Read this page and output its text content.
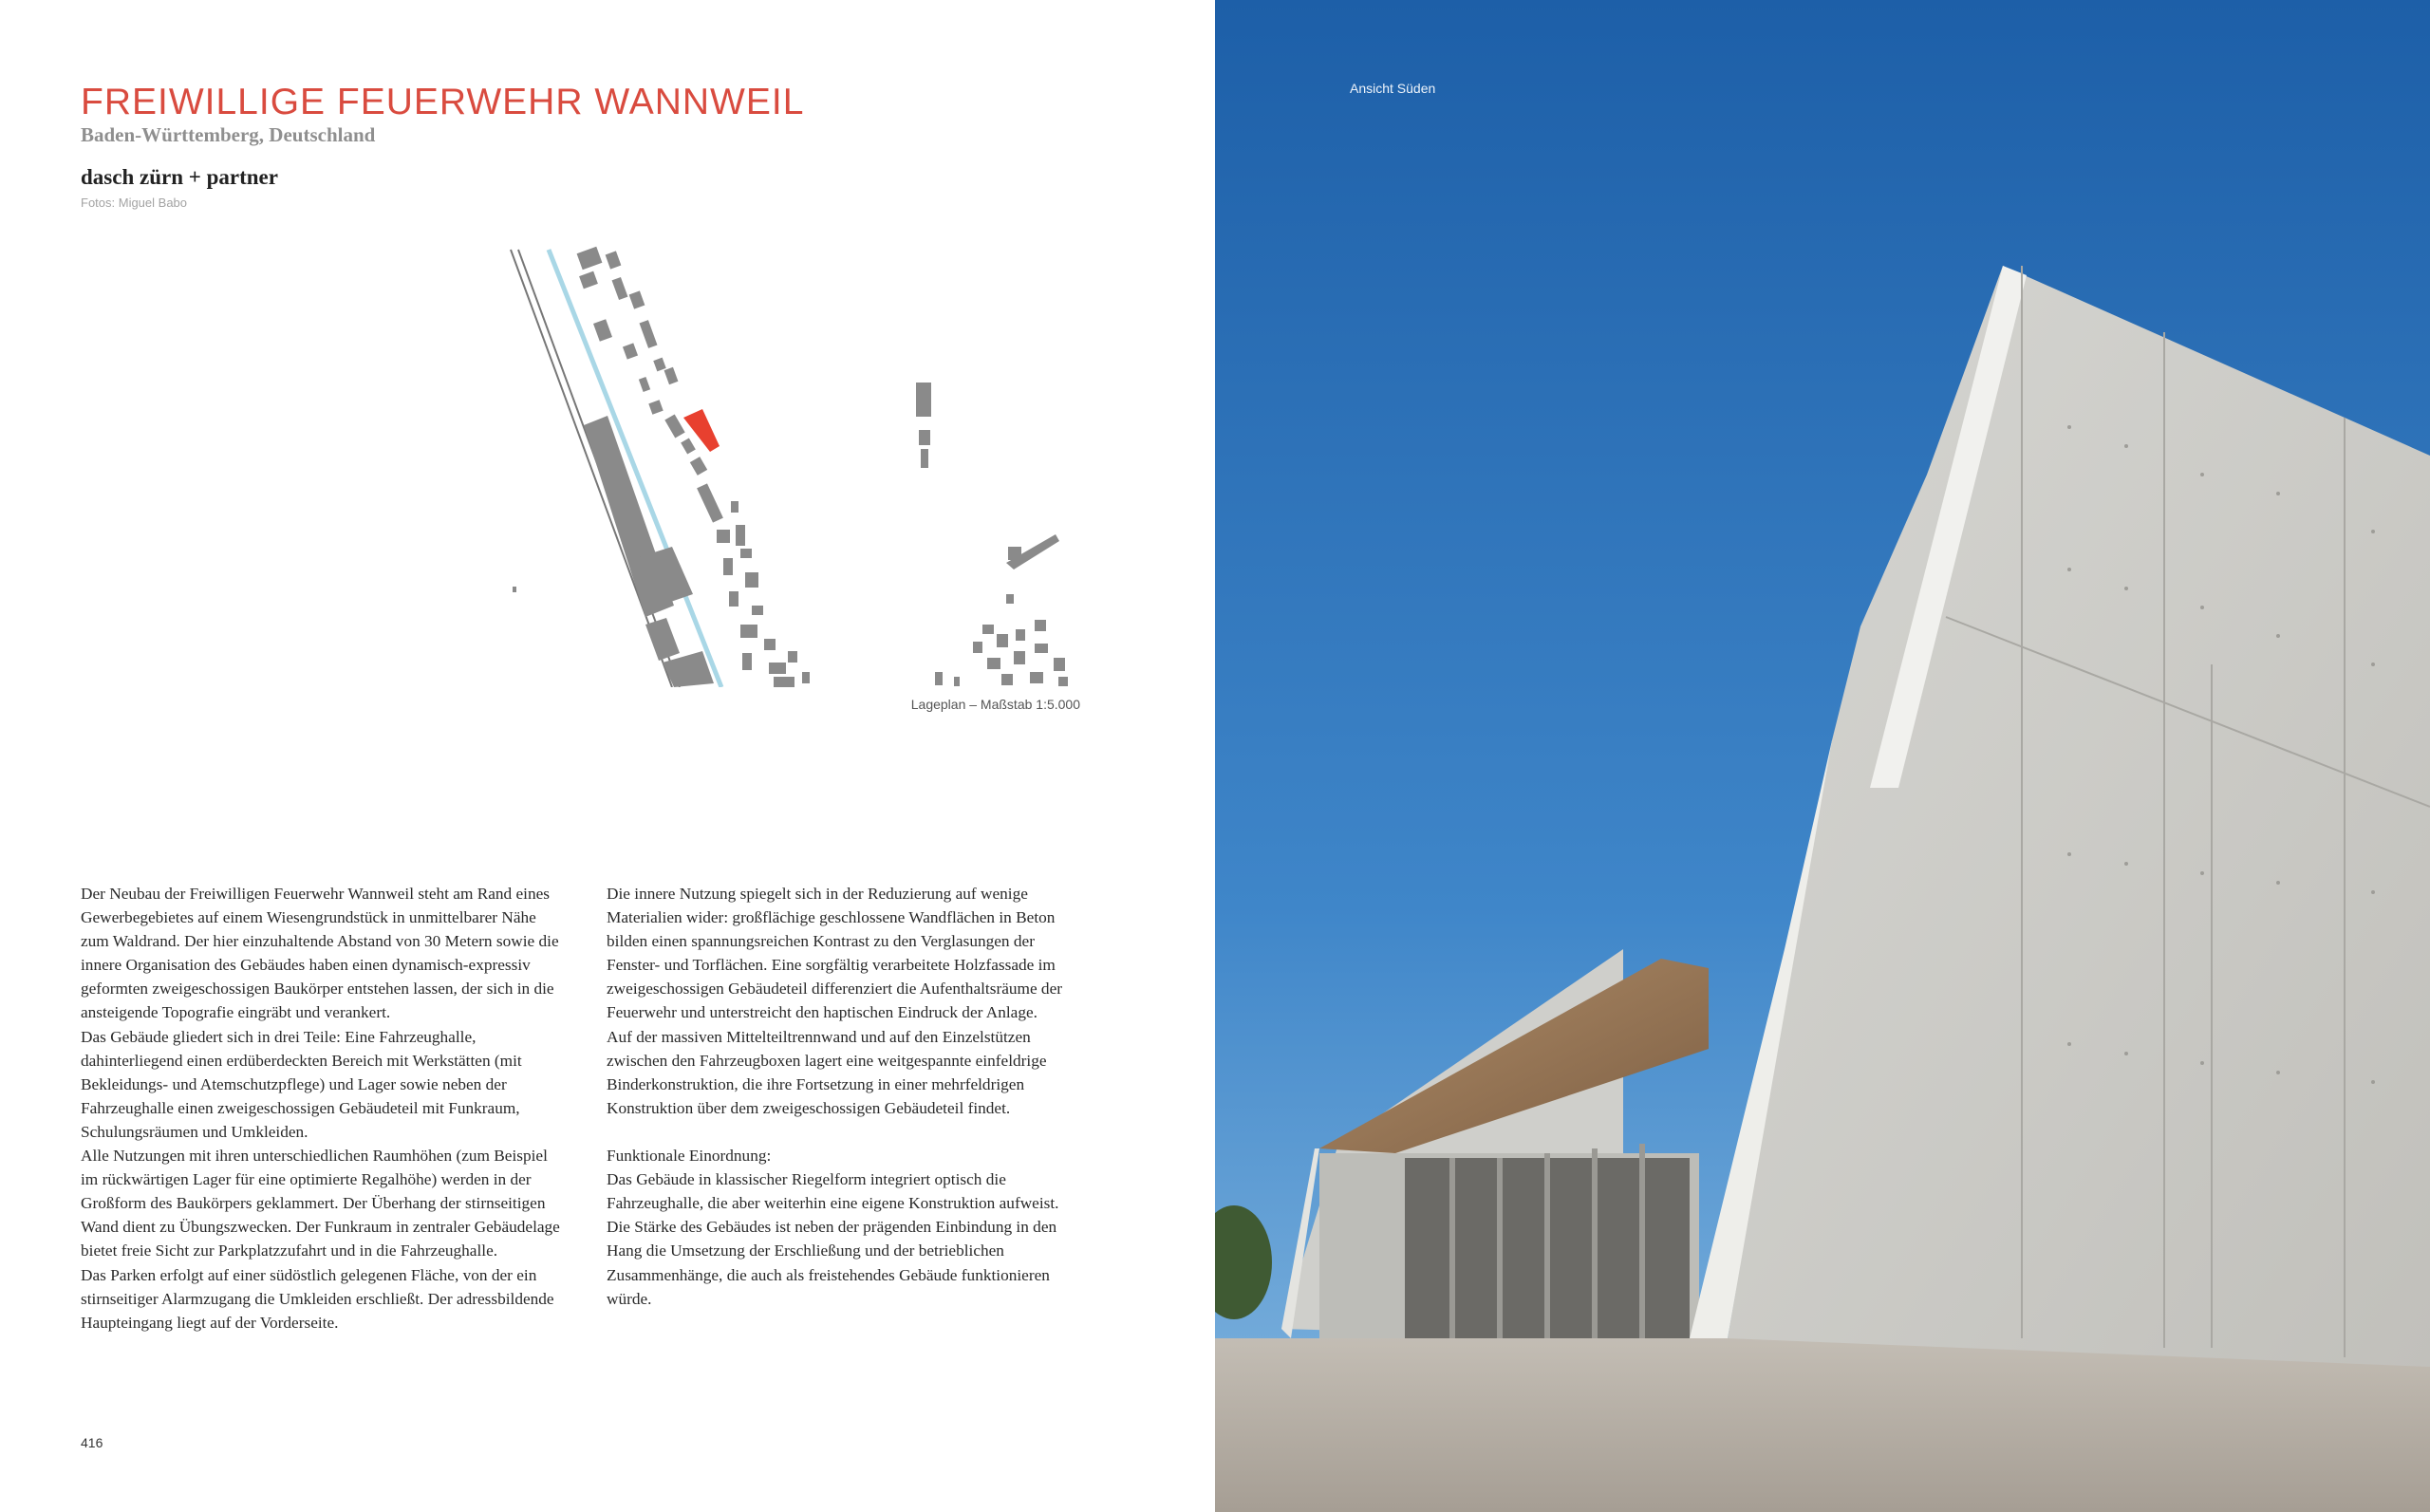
FREIWILLIGE FEUERWEHR WANNWEIL
Baden-Württemberg, Deutschland
dasch zürn + partner
Fotos: Miguel Babo
Lageplan – Maßstab 1:5.000

Der Neubau der Freiwilligen Feuerwehr Wannweil steht am Rand eines Gewerbegebietes auf einem Wiesengrundstück in unmittelbarer Nähe zum Waldrand. Der hier einzuhaltende Abstand von 30 Metern sowie die innere Organisation des Gebäudes haben einen dynamisch-expressiv geformten zweigeschossigen Baukörper entstehen lassen, der sich in die ansteigende Topografie eingräbt und verankert.

Das Gebäude gliedert sich in drei Teile: Eine Fahrzeughalle, dahinterliegend einen erdüberdeckten Bereich mit Werkstätten (mit Bekleidungs- und Atemschutzpflege) und Lager sowie neben der Fahrzeughalle einen zweigeschossigen Gebäudeteil mit Funkraum, Schulungsräumen und Umkleiden.

Alle Nutzungen mit ihren unterschiedlichen Raumhöhen (zum Beispiel im rückwärtigen Lager für eine optimierte Regalhöhe) werden in der Großform des Baukörpers geklammert. Der Überhang der stirnseitigen Wand dient zu Übungszwecken. Der Funkraum in zentraler Gebäudelage bietet freie Sicht zur Parkplatzzufahrt und in die Fahrzeughalle.

Das Parken erfolgt auf einer südöstlich gelegenen Fläche, von der ein stirnseitiger Alarmzugang die Umkleiden erschließt. Der adressbildende Haupteingang liegt auf der Vorderseite.

Die innere Nutzung spiegelt sich in der Reduzierung auf wenige Materialien wider: großflächige geschlossene Wandflächen in Beton bilden einen spannungsreichen Kontrast zu den Verglasungen der Fenster- und Torflächen. Eine sorgfältig verarbeitete Holzfassade im zweigeschossigen Gebäudeteil differenziert die Aufenthaltsräume der Feuerwehr und unterstreicht den haptischen Eindruck der Anlage.

Auf der massiven Mittelteiltrennwand und auf den Einzelstützen zwischen den Fahrzeugboxen lagert eine weitgespannte einfeldrige Binderkonstruktion, die ihre Fortsetzung in einer mehrfeldrigen Konstruktion über dem zweigeschossigen Gebäudeteil findet.

Funktionale Einordnung:

Das Gebäude in klassischer Riegelform integriert optisch die Fahrzeughalle, die aber weiterhin eine eigene Konstruktion aufweist.

Die Stärke des Gebäudes ist neben der prägenden Einbindung in den Hang die Umsetzung der Erschließung und der betrieblichen Zusammenhänge, die auch als freistehendes Gebäude funktionieren würde.

416
Ansicht Süden
